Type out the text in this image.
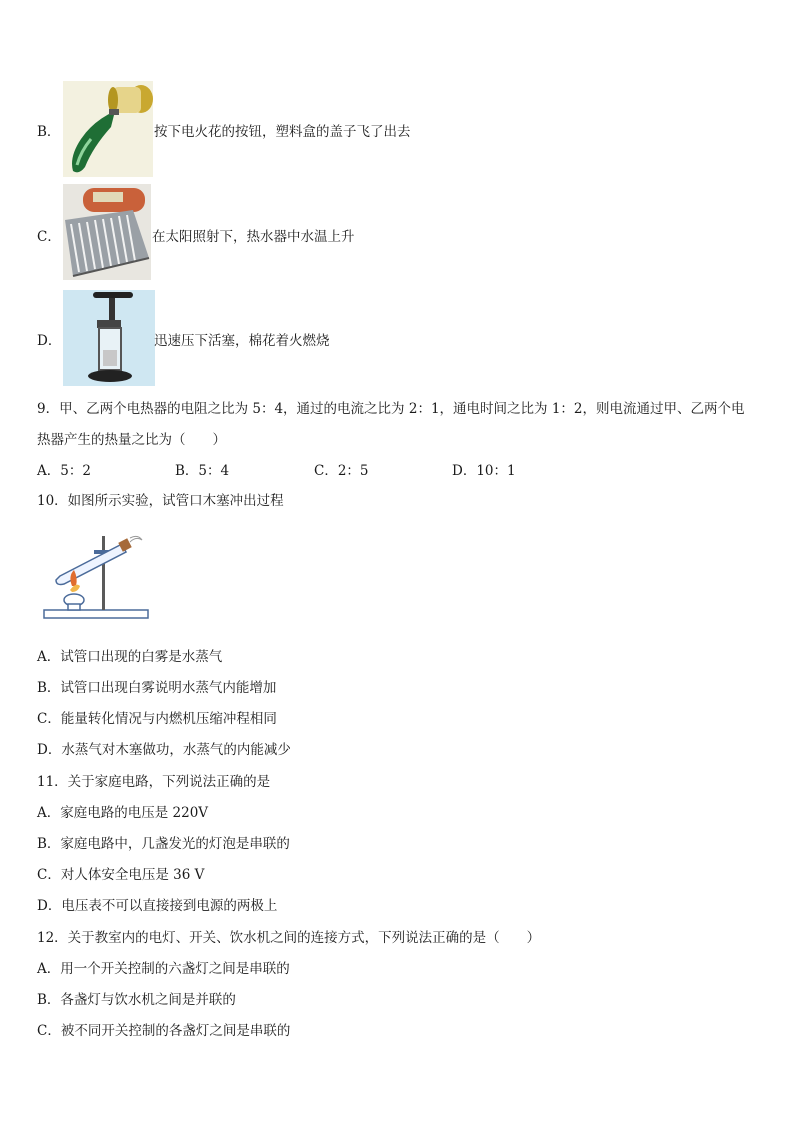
B．	按下电火花的按钮，塑料盒的盖子飞了出去
C．	在太阳照射下，热水器中水温上升
D．	迅速压下活塞，棉花着火燃烧
9．甲、乙两个电热器的电阻之比为 5：4，通过的电流之比为 2：1，通电时间之比为 1：2，则电流通过甲、乙两个电
热器产生的热量之比为（　　）
A．5：2	B．5：4	C．2：5	D．10：1
10．如图所示实验，试管口木塞冲出过程
A．试管口出现的白雾是水蒸气
B．试管口出现白雾说明水蒸气内能增加
C．能量转化情况与内燃机压缩冲程相同
D．水蒸气对木塞做功，水蒸气的内能减少
11．关于家庭电路，下列说法正确的是
A．家庭电路的电压是 220V
B．家庭电路中，几盏发光的灯泡是串联的
C．对人体安全电压是 36 V
D．电压表不可以直接接到电源的两极上
12．关于教室内的电灯、开关、饮水机之间的连接方式，下列说法正确的是（　　）
A．用一个开关控制的六盏灯之间是串联的
B．各盏灯与饮水机之间是并联的
C．被不同开关控制的各盏灯之间是串联的
